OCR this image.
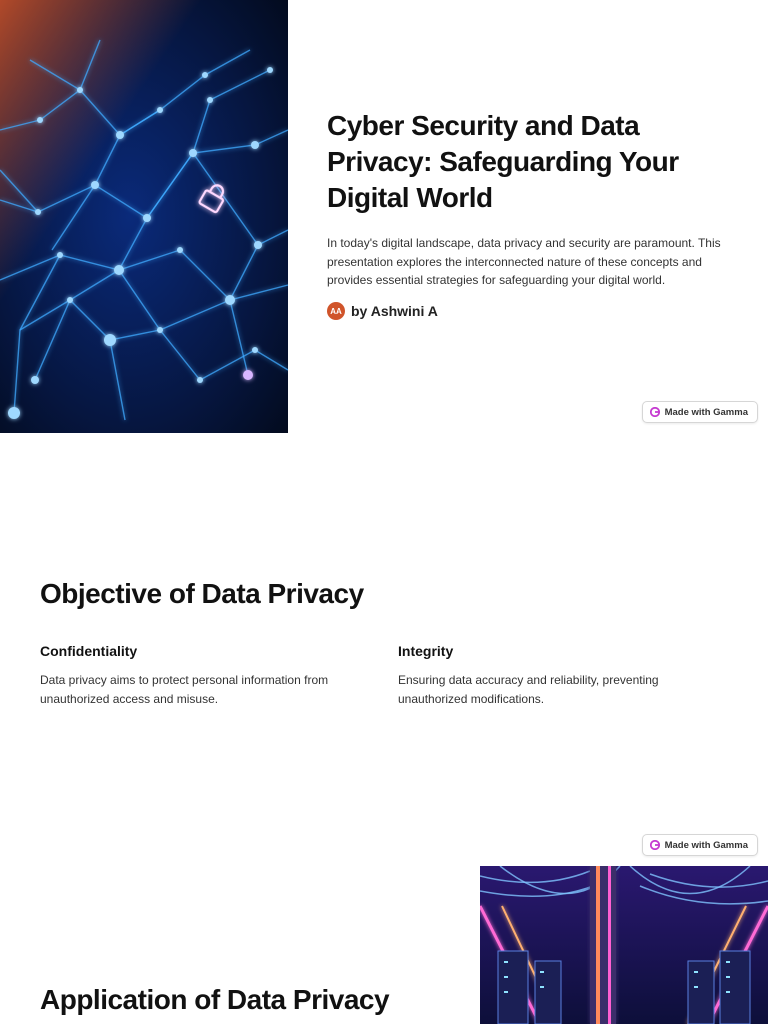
Cyber Security and Data Privacy: Safeguarding Your Digital World

In today's digital landscape, data privacy and security are paramount. This presentation explores the interconnected nature of these concepts and provides essential strategies for safeguarding your digital world.

AA by Ashwini A
Made with Gamma
Objective of Data Privacy
Confidentiality

Data privacy aims to protect personal information from unauthorized access and misuse.

Integrity

Ensuring data accuracy and reliability, preventing unauthorized modifications.

Made with Gamma
Application of Data Privacy
